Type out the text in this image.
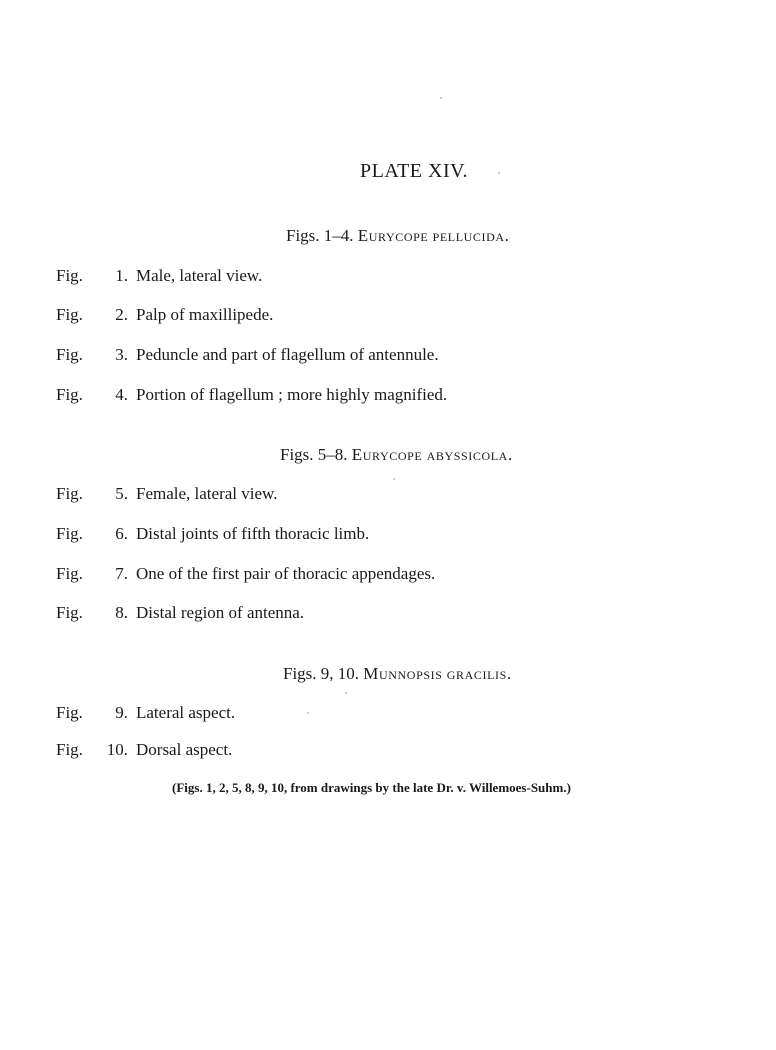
PLATE XIV.
Figs. 1–4. Eurycope pellucida.
Fig.	1. Male, lateral view.
Fig.	2. Palp of maxillipede.
Fig.	3. Peduncle and part of flagellum of antennule.
Fig.	4. Portion of flagellum ; more highly magnified.
Figs. 5–8. Eurycope abyssicola.
Fig.	5. Female, lateral view.
Fig.	6. Distal joints of fifth thoracic limb.
Fig.	7. One of the first pair of thoracic appendages.
Fig.	8. Distal region of antenna.
Figs. 9, 10. Munnopsis gracilis.
Fig.	9. Lateral aspect.
Fig.	10. Dorsal aspect.

(Figs. 1, 2, 5, 8, 9, 10, from drawings by the late Dr. v. Willemoes-Suhm.)
